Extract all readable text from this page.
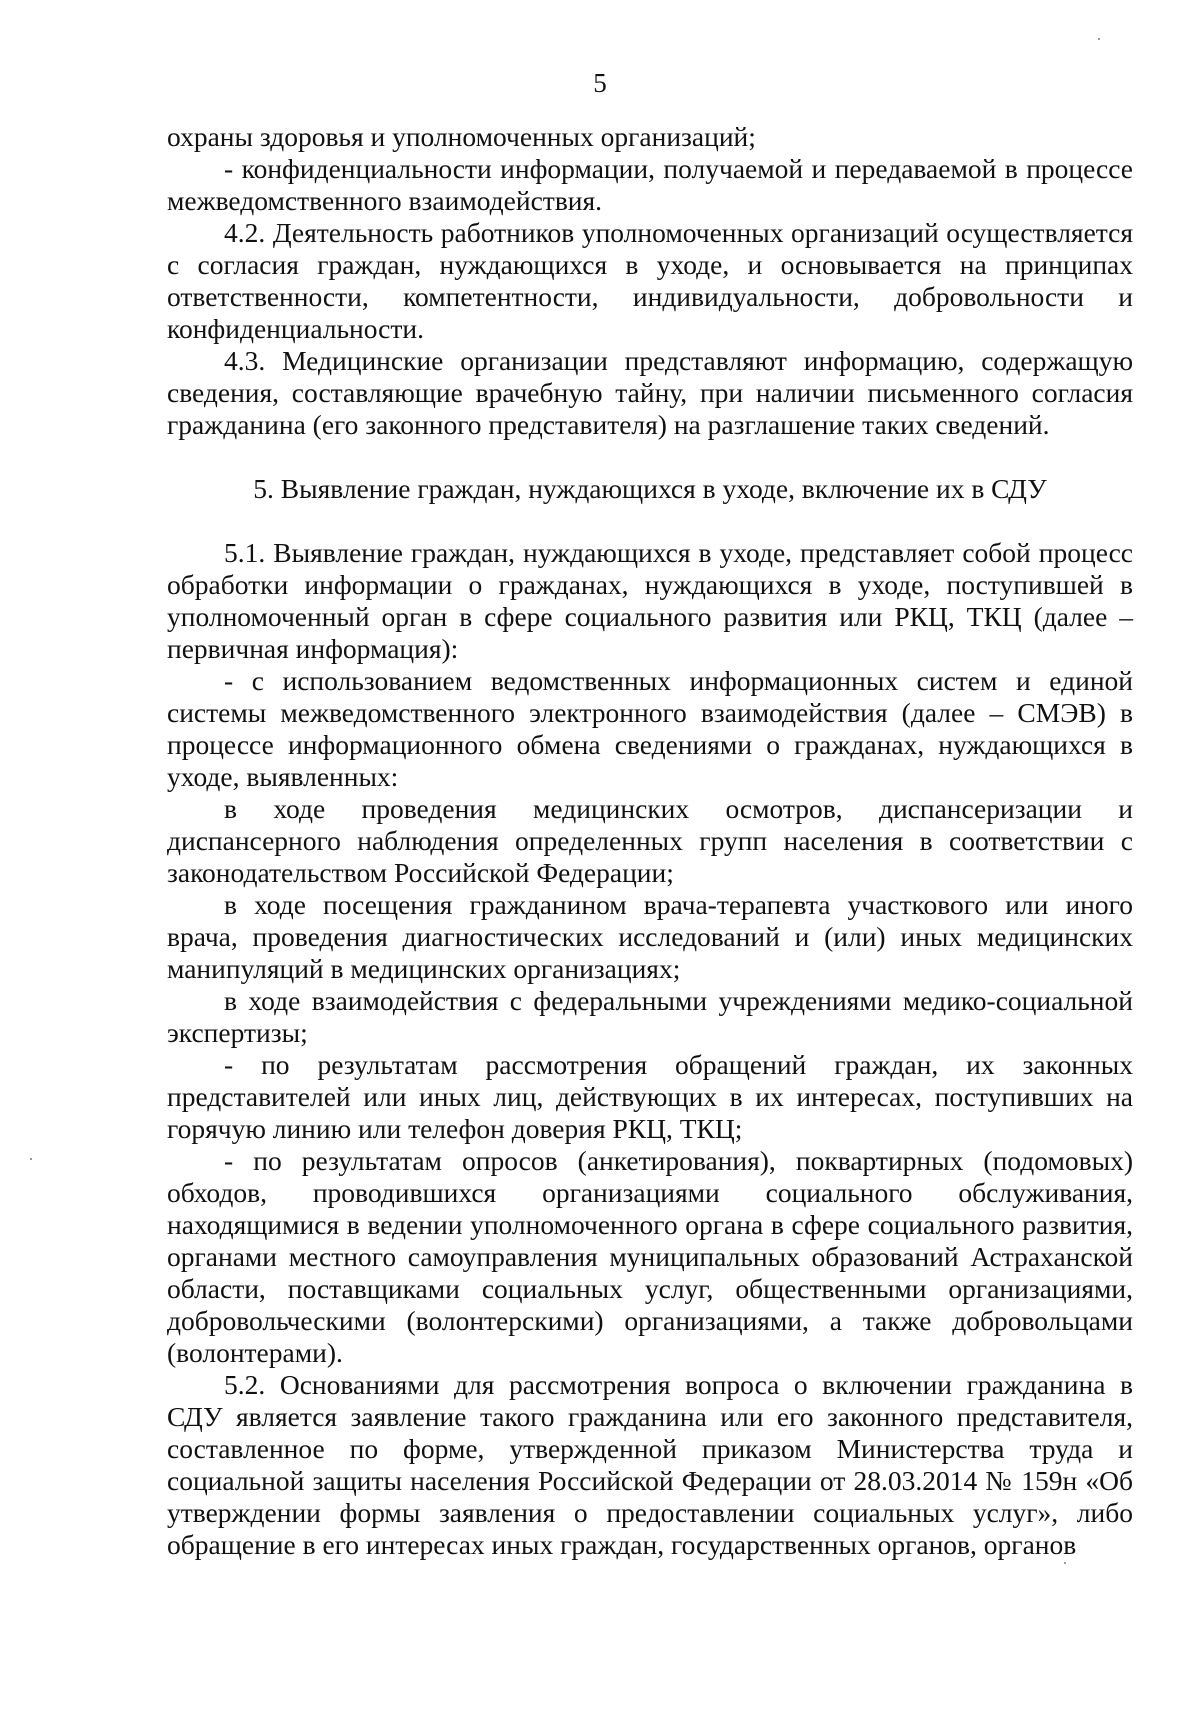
5

охраны здоровья и уполномоченных организаций;

- конфиденциальности информации, получаемой и передаваемой в процессе межведомственного взаимодействия.

4.2. Деятельность работников уполномоченных организаций осуществляется с согласия граждан, нуждающихся в уходе, и основывается на принципах ответственности, компетентности, индивидуальности, добровольности и конфиденциальности.

4.3. Медицинские организации представляют информацию, содержащую сведения, составляющие врачебную тайну, при наличии письменного согласия гражданина (его законного представителя) на разглашение таких сведений.

5. Выявление граждан, нуждающихся в уходе, включение их в СДУ

5.1. Выявление граждан, нуждающихся в уходе, представляет собой процесс обработки информации о гражданах, нуждающихся в уходе, поступившей в уполномоченный орган в сфере социального развития или РКЦ, ТКЦ (далее – первичная информация):

- с использованием ведомственных информационных систем и единой системы межведомственного электронного взаимодействия (далее – СМЭВ) в процессе информационного обмена сведениями о гражданах, нуждающихся в уходе, выявленных:

в ходе проведения медицинских осмотров, диспансеризации и диспансерного наблюдения определенных групп населения в соответствии с законодательством Российской Федерации;

в ходе посещения гражданином врача-терапевта участкового или иного врача, проведения диагностических исследований и (или) иных медицинских манипуляций в медицинских организациях;

в ходе взаимодействия с федеральными учреждениями медико-социальной экспертизы;

- по результатам рассмотрения обращений граждан, их законных представителей или иных лиц, действующих в их интересах, поступивших на горячую линию или телефон доверия РКЦ, ТКЦ;

- по результатам опросов (анкетирования), поквартирных (подомовых) обходов, проводившихся организациями социального обслуживания, находящимися в ведении уполномоченного органа в сфере социального развития, органами местного самоуправления муниципальных образований Астраханской области, поставщиками социальных услуг, общественными организациями, добровольческими (волонтерскими) организациями, а также добровольцами (волонтерами).

5.2. Основаниями для рассмотрения вопроса о включении гражданина в СДУ является заявление такого гражданина или его законного представителя, составленное по форме, утвержденной приказом Министерства труда и социальной защиты населения Российской Федерации от 28.03.2014 № 159н «Об утверждении формы заявления о предоставлении социальных услуг», либо обращение в его интересах иных граждан, государственных органов, органов
